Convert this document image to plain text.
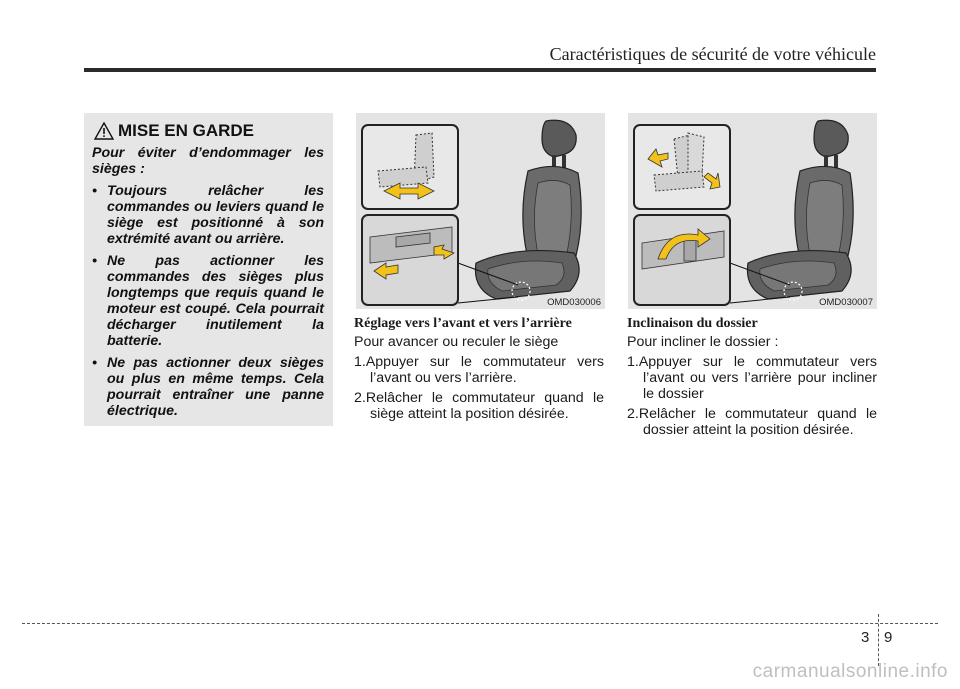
Caractéristiques de sécurité de votre véhicule
MISE EN GARDE

Pour éviter d’endommager les sièges :

• Toujours relâcher les commandes ou leviers quand le siège est positionné à son extrémité avant ou arrière.
• Ne pas actionner les commandes des sièges plus longtemps que requis quand le moteur est coupé. Cela pourrait décharger inutilement la batterie.
• Ne pas actionner deux sièges ou plus en même temps. Cela pourrait entraîner une panne électrique.
OMD030006	OMD030007

Réglage vers l’avant et vers l’arrière

Pour avancer ou reculer le siège

1.Appuyer sur le commutateur vers l’avant ou vers l’arrière.
2.Relâcher le commutateur quand le siège atteint la position désirée.

Inclinaison du dossier

Pour incliner le dossier :

1.Appuyer sur le commutateur vers l’avant ou vers l’arrière pour incliner le dossier
2.Relâcher le commutateur quand le dossier atteint la position désirée.
3 9
carmanualsonline.info
